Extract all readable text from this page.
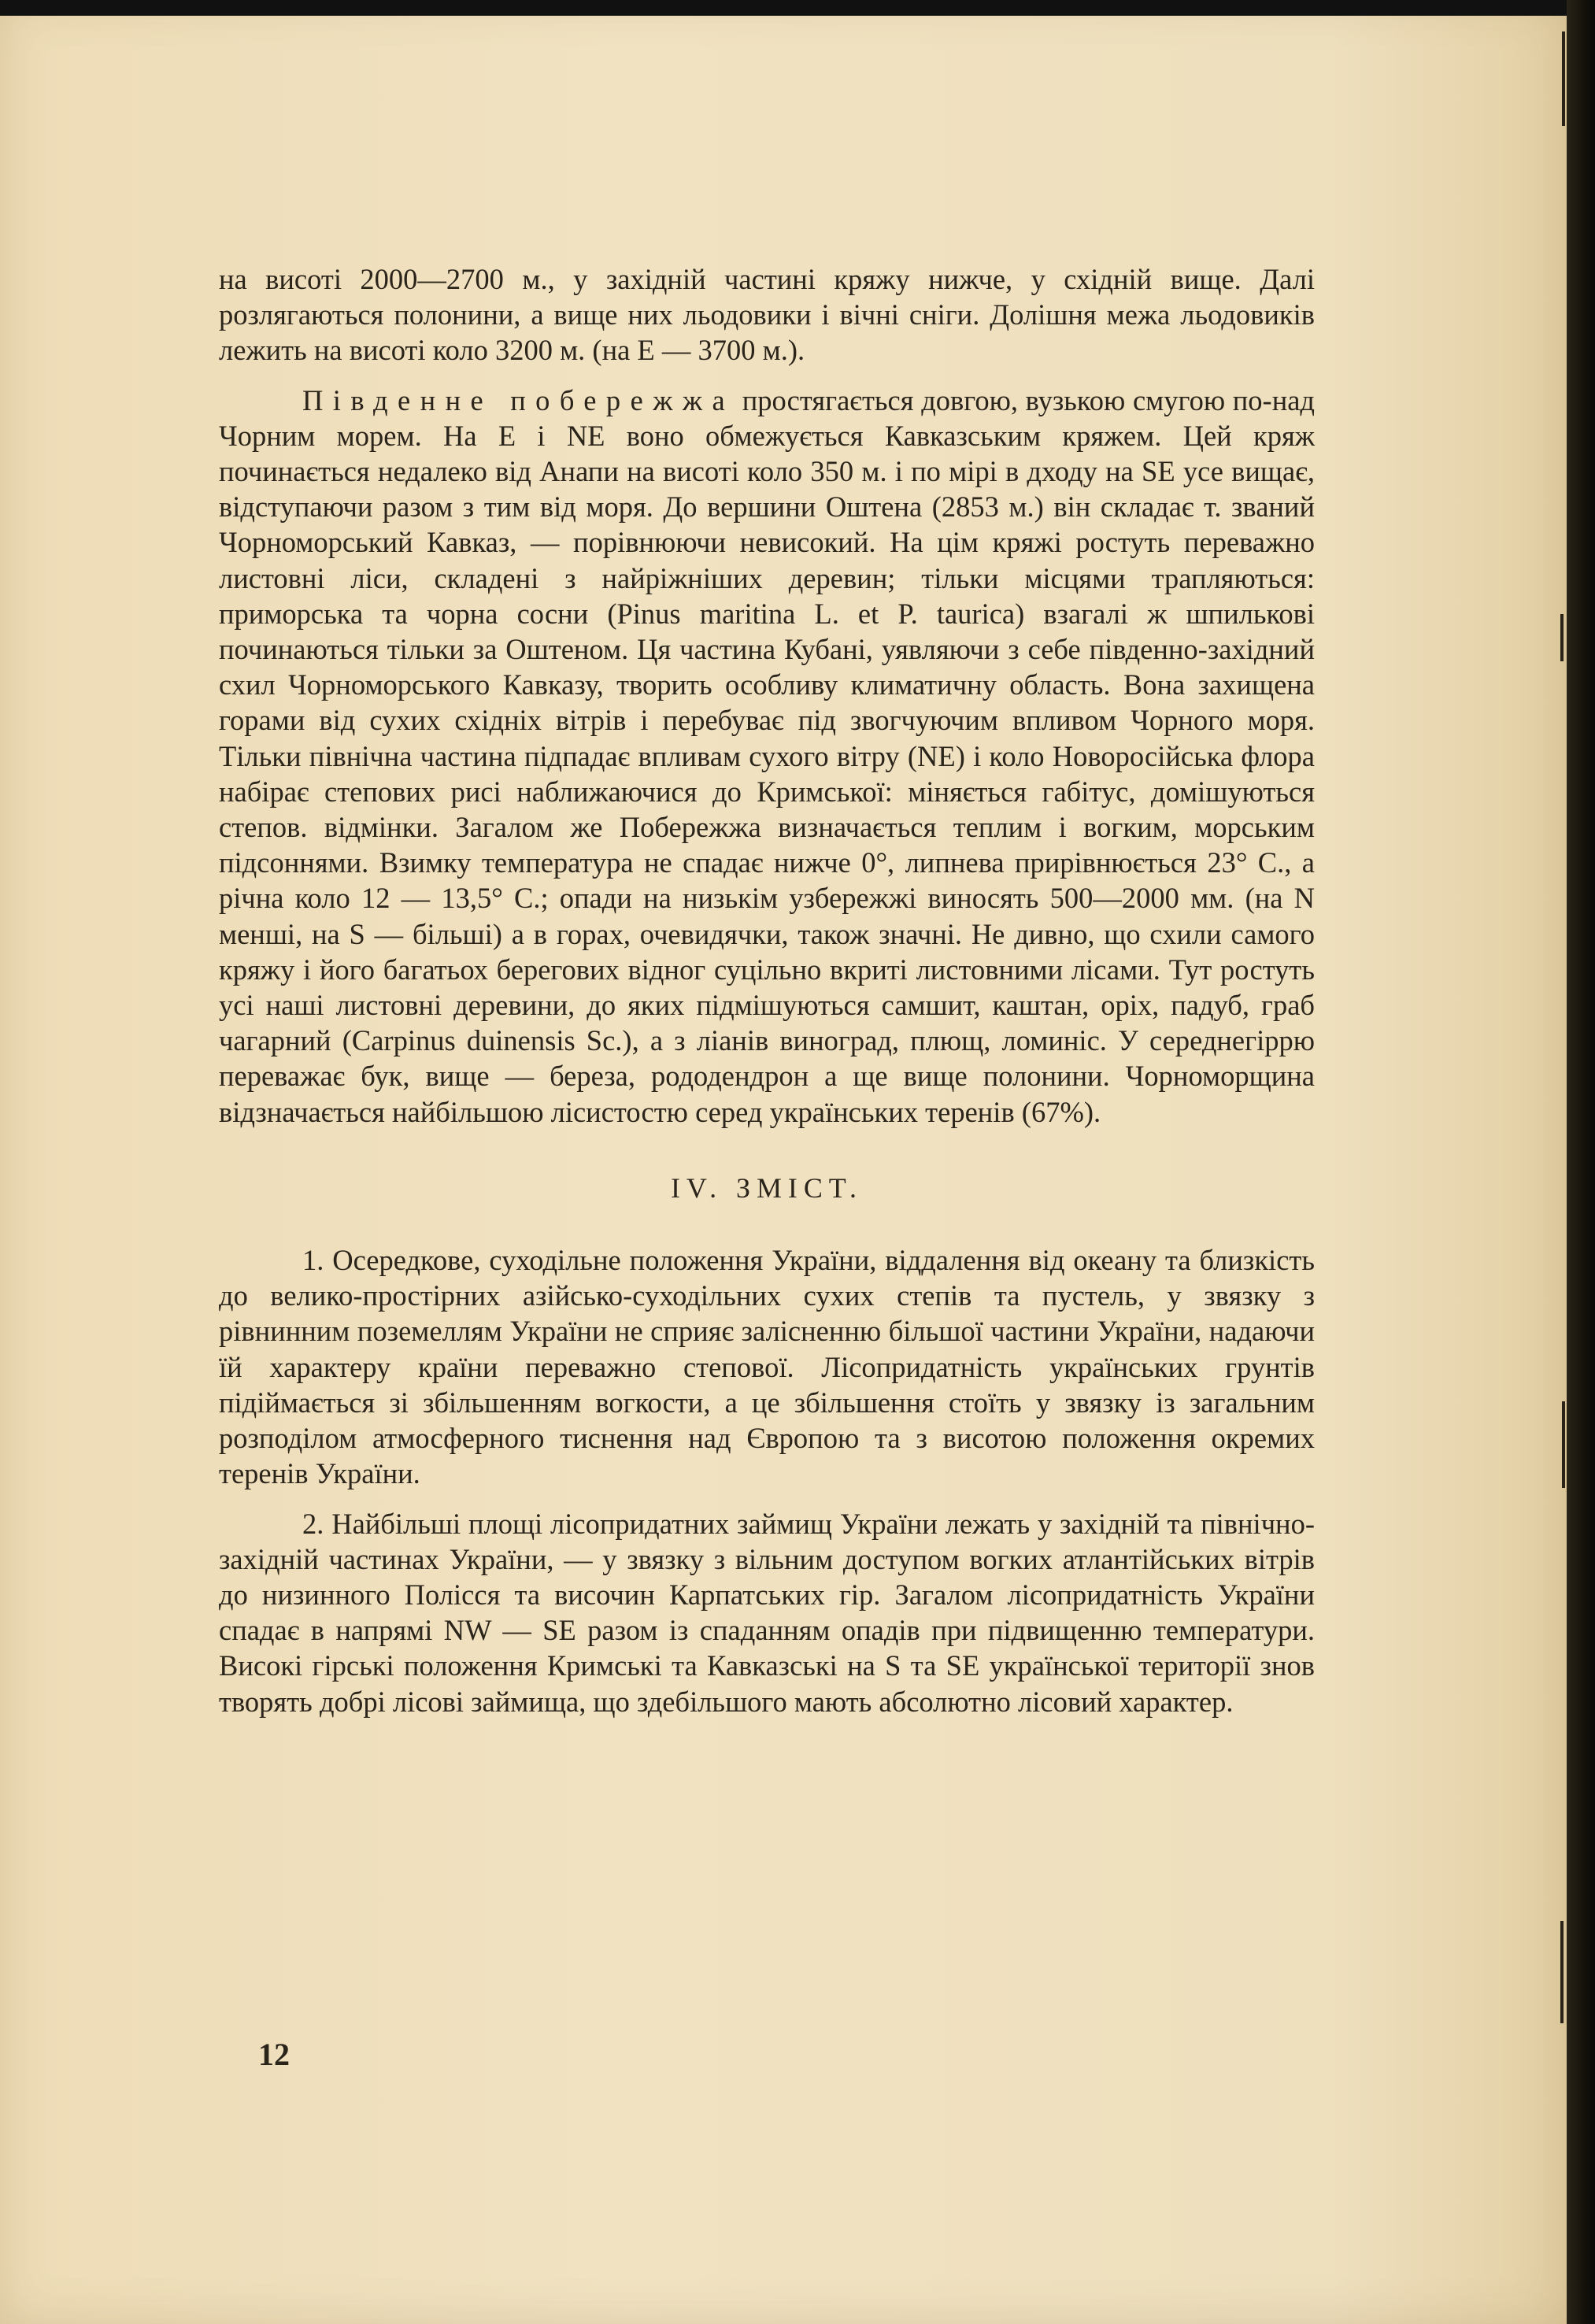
на висоті 2000—2700 м., у західній частині кряжу нижче, у східній вище. Далі розлягаються полонини, а вище них льодовики і вічні сніги. Долішня межа льодовиків лежить на висоті коло 3200 м. (на E — 3700 м.).

Південне побережжа простягається довгою, вузькою смугою по-над Чорним морем. На E і NE воно обмежується Кавказським кряжем. Цей кряж починається недалеко від Анапи на висоті коло 350 м. і по мірі в дходу на SE усе вищає, відступаючи разом з тим від моря. До вершини Оштена (2853 м.) він складає т. званий Чорноморський Кавказ, — порівнюючи невисокий. На цім кряжі ростуть переважно листовні ліси, складені з найріжніших деревин; тільки місцями трапляються: приморська та чорна сосни (Pinus maritina L. et P. taurica) взагалі ж шпилькові починаються тільки за Оштеном. Ця частина Кубані, уявляючи з себе південно-західний схил Чорноморського Кавказу, творить особливу климатичну область. Вона захищена горами від сухих східніх вітрів і перебуває під звогчуючим впливом Чорного моря. Тільки північна частина підпадає впливам сухого вітру (NE) і коло Новоросійська флора набірає степових рисі наближаючися до Кримської: міняється габітус, домішуються степов. відмінки. Загалом же Побережжа визначається теплим і вогким, морським підсоннями. Взимку температура не спадає нижче 0°, липнева прирівнюється 23° C., а річна коло 12 — 13,5° C.; опади на низькім узбережжі виносять 500—2000 мм. (на N менші, на S — більші) а в горах, очевидячки, також значні. Не дивно, що схили самого кряжу і його багатьох берегових відног суцільно вкриті листовними лісами. Тут ростуть усі наші листовні деревини, до яких підмішуються самшит, каштан, оріх, падуб, граб чагарний (Carpinus duinensis Sc.), а з ліанів виноград, плющ, ломиніс. У середнегіррю переважає бук, вище — береза, рододендрон а ще вище полонини. Чорноморщина відзначається найбільшою лісистостю серед українських теренів (67%).

IV. ЗМІСТ.

1. Осередкове, суходільне положення України, віддалення від океану та близкість до велико-простірних азійсько-суходільних сухих степів та пустель, у звязку з рівнинним поземеллям України не сприяє залісненню більшої частини України, надаючи їй характеру країни переважно степової. Лісопридатність українських грунтів підіймається зі збільшенням вогкости, а це збільшення стоїть у звязку із загальним розподілом атмосферного тиснення над Європою та з висотою положення окремих теренів України.

2. Найбільші площі лісопридатних займищ України лежать у західній та північно-західній частинах України, — у звязку з вільним доступом вогких атлантійських вітрів до низинного Полісся та височин Карпатських гір. Загалом лісопридатність України спадає в напрямі NW — SE разом із спаданням опадів при підвищенню температури. Високі гірські положення Кримські та Кавказські на S та SE української території знов творять добрі лісові займища, що здебільшого мають абсолютно лісовий характер.

12
